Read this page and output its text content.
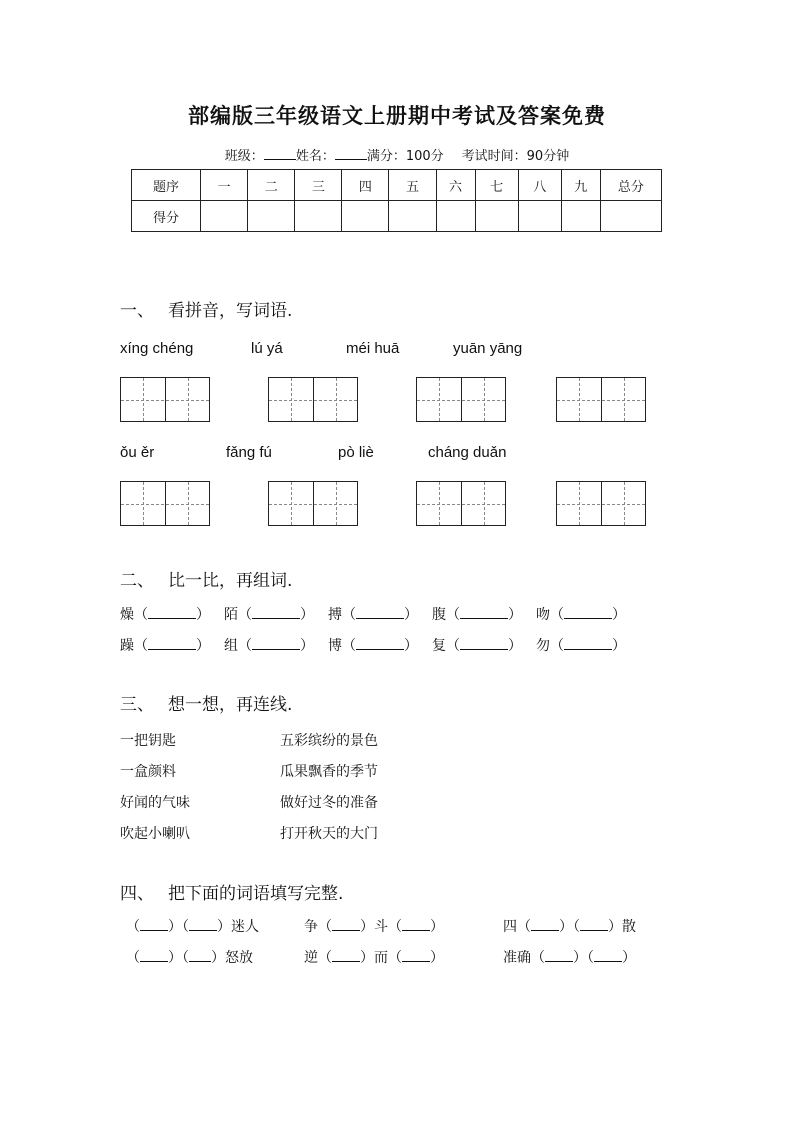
部编版三年级语文上册期中考试及答案免费
班级： 姓名： 满分：100分 考试时间：90分钟
题序	一	二	三	四	五	六	七	八	九	总分
得分										
一、 看拼音，写词语.
xíng chéng	lú yá	méi huā	yuān yāng
ǒu ěr	fǎng fú	pò liè	cháng duǎn
二、 比一比，再组词.
燥（	） 陌（	） 搏（	） 腹（	） 吻（	）
躁（	） 组（	） 博（	） 复（	） 勿（	）
三、 想一想，再连线.
一把钥匙
一盒颜料
好闻的气味
吹起小喇叭
五彩缤纷的景色
瓜果飘香的季节
做好过冬的准备
打开秋天的大门
四、 把下面的词语填写完整.
（ ）（ ）迷人	争（ ）斗（ ）	四（ ）（ ）散
（ ）（ ）怒放	逆（ ）而（ ）	准确（ ）（ ）
